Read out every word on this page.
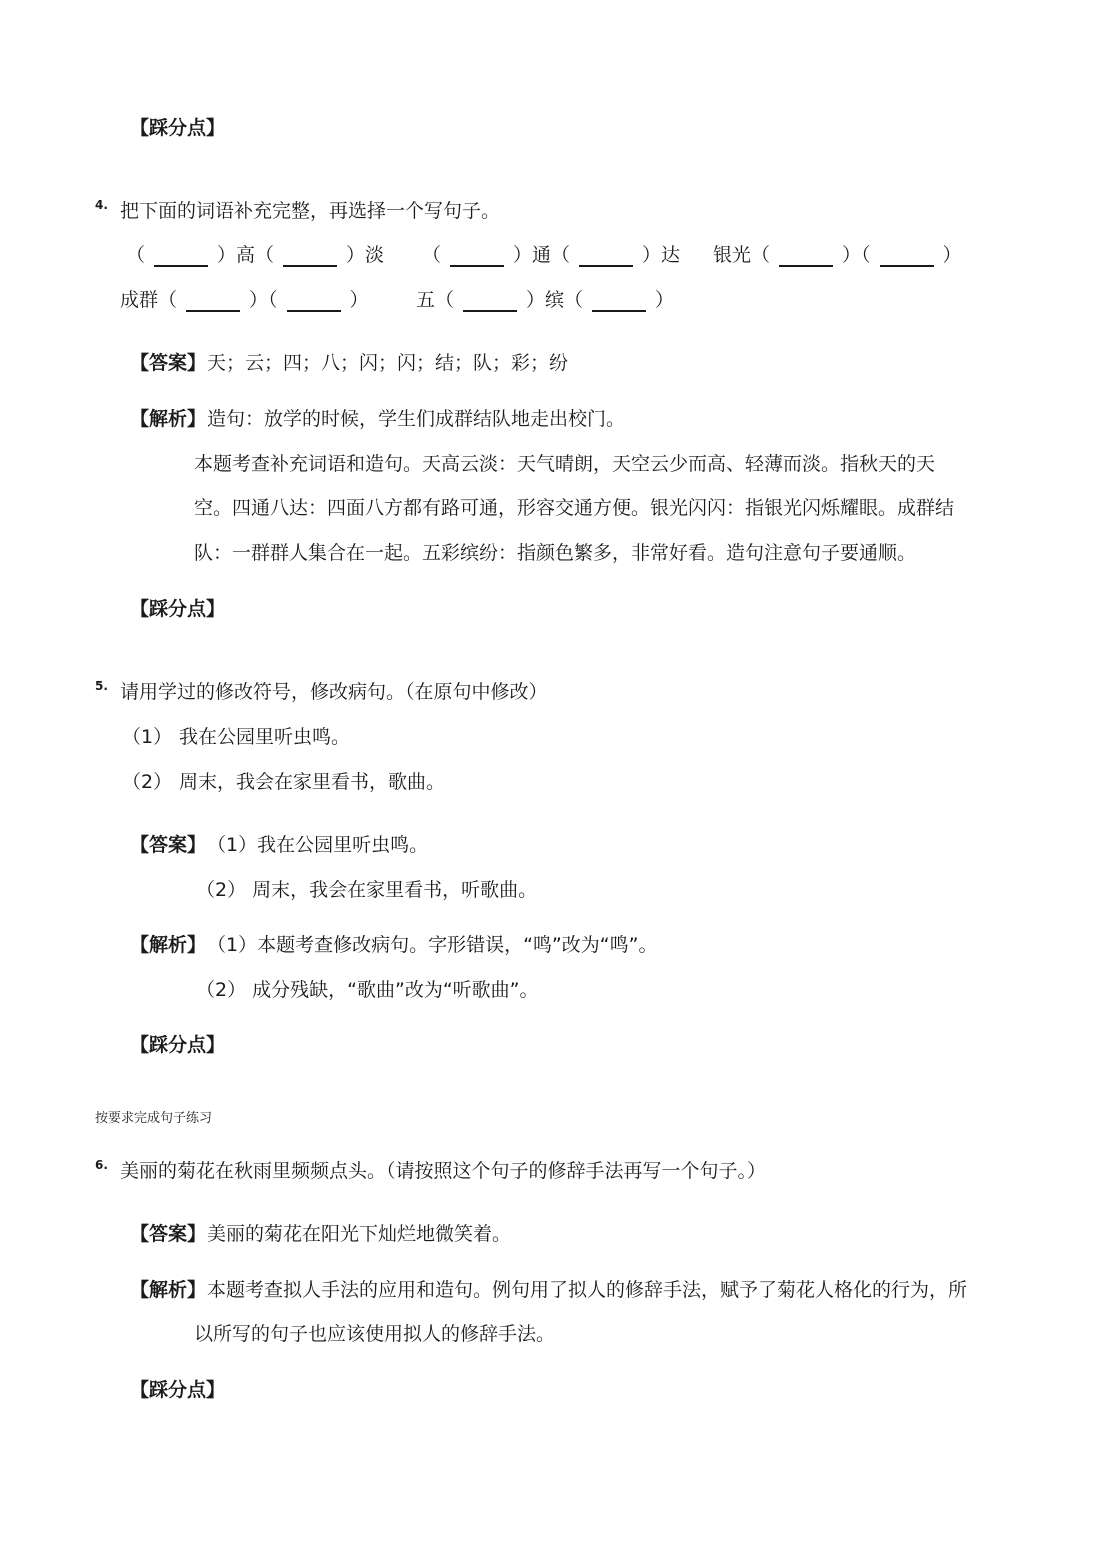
【踩分点】
4. 把下面的词语补充完整，再选择一个写句子。
（	）高（	）淡 （	）通（	）达 银光（	）（	）
成群（	）（	） 五（	）缤（	）
【答案】 天；云；四；八；闪；闪；结；队；彩；纷
【解析】 造句：放学的时候，学生们成群结队地走出校门。
本题考查补充词语和造句。天高云淡：天气晴朗，天空云少而高、轻薄而淡。指秋天的天
空。四通八达：四面八方都有路可通，形容交通方便。银光闪闪：指银光闪烁耀眼。成群结
队：一群群人集合在一起。五彩缤纷：指颜色繁多，非常好看。造句注意句子要通顺。
【踩分点】
5. 请用学过的修改符号，修改病句。（在原句中修改）
（1） 我在公园里听虫鸣。
（2） 周末，我会在家里看书，歌曲。
【答案】 （1）我在公园里听虫鸣。
（2） 周末，我会在家里看书，听歌曲。
【解析】 （1）本题考查修改病句。字形错误，“鸣”改为“鸣”。
（2） 成分残缺，“歌曲”改为“听歌曲”。
【踩分点】
按要求完成句子练习
6. 美丽的菊花在秋雨里频频点头。（请按照这个句子的修辞手法再写一个句子。）
【答案】 美丽的菊花在阳光下灿烂地微笑着。
【解析】 本题考查拟人手法的应用和造句。例句用了拟人的修辞手法，赋予了菊花人格化的行为，所
以所写的句子也应该使用拟人的修辞手法。
【踩分点】
